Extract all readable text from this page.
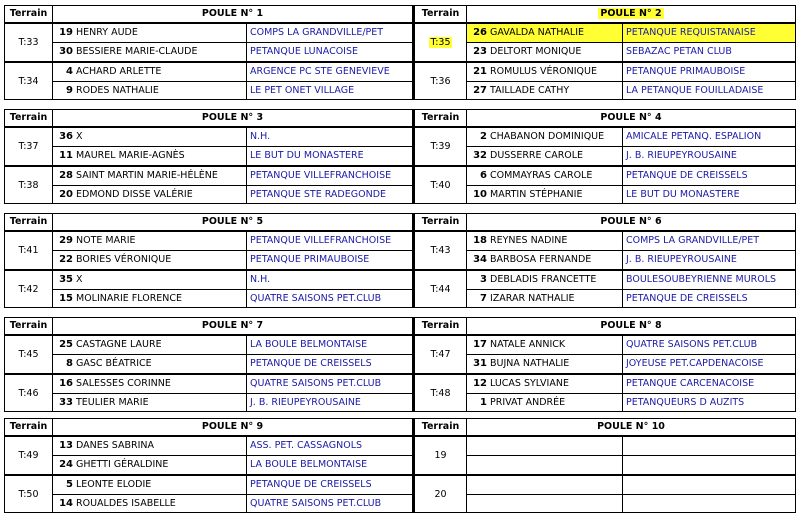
Terrain	POULE N° 1
T:33
19 HENRY AUDE	COMPS LA GRANDVILLE/PET
30 BESSIERE MARIE-CLAUDE	PETANQUE LUNACOISE
T:34
4 ACHARD ARLETTE	ARGENCE PC STE GENEVIEVE
9 RODES NATHALIE	LE PET ONET VILLAGE
Terrain	POULE N° 2
T:35
26 GAVALDA NATHALIE	PETANQUE REQUISTANAISE
23 DELTORT MONIQUE	SEBAZAC PETAN CLUB
T:36
21 ROMULUS VÉRONIQUE	PETANQUE PRIMAUBOISE
27 TAILLADE CATHY	LA PETANQUE FOUILLADAISE
Terrain	POULE N° 3
T:37
36 X	N.H.
11 MAUREL MARIE-AGNÈS	LE BUT DU MONASTERE
T:38
28 SAINT MARTIN MARIE-HÉLÈNE	PETANQUE VILLEFRANCHOISE
20 EDMOND DISSE VALÉRIE	PETANQUE STE RADEGONDE
Terrain	POULE N° 4
T:39
2 CHABANON DOMINIQUE	AMICALE PETANQ. ESPALION
32 DUSSERRE CAROLE	J. B. RIEUPEYROUSAINE
T:40
6 COMMAYRAS CAROLE	PETANQUE DE CREISSELS
10 MARTIN STÉPHANIE	LE BUT DU MONASTERE
Terrain	POULE N° 5
T:41
29 NOTE MARIE	PETANQUE VILLEFRANCHOISE
22 BORIES VÉRONIQUE	PETANQUE PRIMAUBOISE
T:42
35 X	N.H.
15 MOLINARIE FLORENCE	QUATRE SAISONS PET.CLUB
Terrain	POULE N° 6
T:43
18 REYNES NADINE	COMPS LA GRANDVILLE/PET
34 BARBOSA FERNANDE	J. B. RIEUPEYROUSAINE
T:44
3 DEBLADIS FRANCETTE	BOULESOUBEYRIENNE MUROLS
7 IZARAR NATHALIE	PETANQUE DE CREISSELS
Terrain	POULE N° 7
T:45
25 CASTAGNE LAURE	LA BOULE BELMONTAISE
8 GASC BÉATRICE	PETANQUE DE CREISSELS
T:46
16 SALESSES CORINNE	QUATRE SAISONS PET.CLUB
33 TEULIER MARIE	J. B. RIEUPEYROUSAINE
Terrain	POULE N° 8
T:47
17 NATALE ANNICK	QUATRE SAISONS PET.CLUB
31 BUJNA NATHALIE	JOYEUSE PET.CAPDENACOISE
T:48
12 LUCAS SYLVIANE	PETANQUE CARCENACOISE
1 PRIVAT ANDRÉE	PETANQUEURS D AUZITS
Terrain	POULE N° 9
T:49
13 DANES SABRINA	ASS. PET. CASSAGNOLS
24 GHETTI GÉRALDINE	LA BOULE BELMONTAISE
T:50
5 LEONTE ELODIE	PETANQUE DE CREISSELS
14 ROUALDES ISABELLE	QUATRE SAISONS PET.CLUB
Terrain	POULE N° 10
19
20
